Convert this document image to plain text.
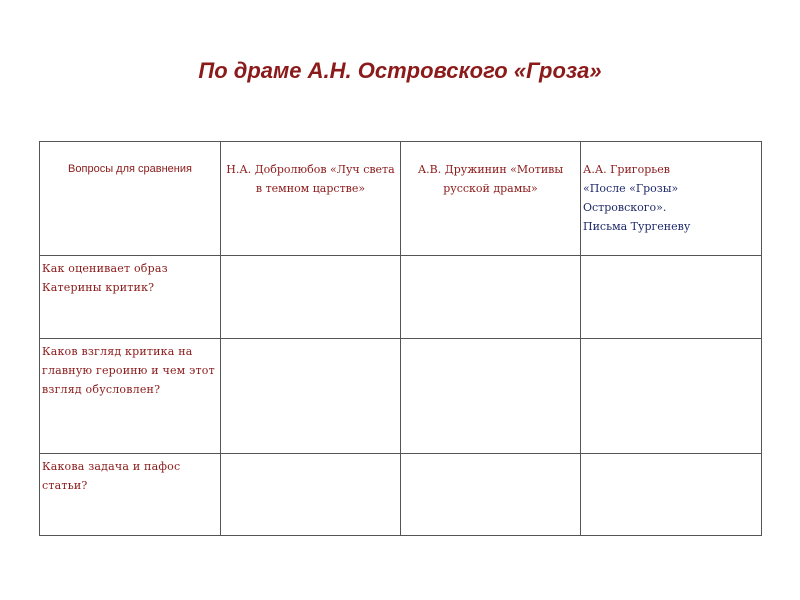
По драме А.Н. Островского «Гроза»
Вопросы для сравнения	Н.А. Добролюбов «Луч света в темном царстве»	А.В. Дружинин «Мотивы русской драмы»	А.А. Григорьев
«После «Грозы» Островского».
Письма Тургеневу

Как оценивает образ Катерины критик?			

Каков взгляд критика на главную героиню и чем этот взгляд обусловлен?			

Какова задача и пафос статьи?			
